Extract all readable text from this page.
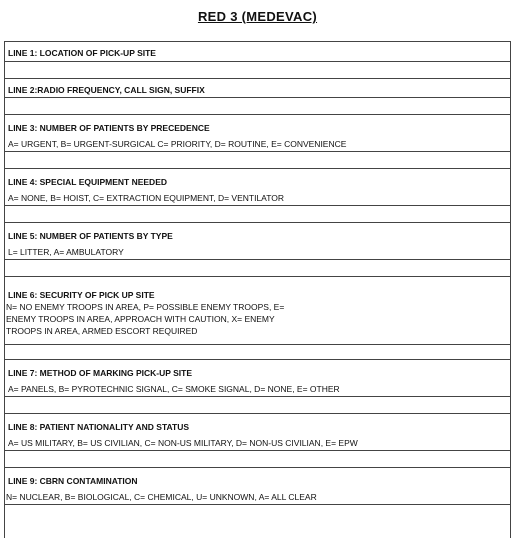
RED 3 (MEDEVAC)
LINE 1: LOCATION OF PICK-UP SITE
LINE 2:RADIO FREQUENCY, CALL SIGN, SUFFIX
LINE 3: NUMBER OF PATIENTS BY PRECEDENCE
A= URGENT, B= URGENT-SURGICAL C= PRIORITY, D= ROUTINE, E= CONVENIENCE
LINE 4: SPECIAL EQUIPMENT NEEDED
A= NONE, B= HOIST, C= EXTRACTION EQUIPMENT, D= VENTILATOR
LINE 5: NUMBER OF PATIENTS BY TYPE
L= LITTER, A= AMBULATORY
LINE 6: SECURITY OF PICK UP SITE
N= NO ENEMY TROOPS IN AREA, P= POSSIBLE ENEMY TROOPS, E=
ENEMY TROOPS IN AREA, APPROACH WITH CAUTION, X= ENEMY
TROOPS IN AREA, ARMED ESCORT REQUIRED
LINE 7: METHOD OF MARKING PICK-UP SITE
A= PANELS, B= PYROTECHNIC SIGNAL, C= SMOKE SIGNAL, D= NONE, E= OTHER
LINE 8: PATIENT NATIONALITY AND STATUS
A= US MILITARY, B= US CIVILIAN, C= NON-US MILITARY, D= NON-US CIVILIAN, E= EPW
LINE 9: CBRN CONTAMINATION
N= NUCLEAR, B= BIOLOGICAL, C= CHEMICAL, U= UNKNOWN, A= ALL CLEAR
